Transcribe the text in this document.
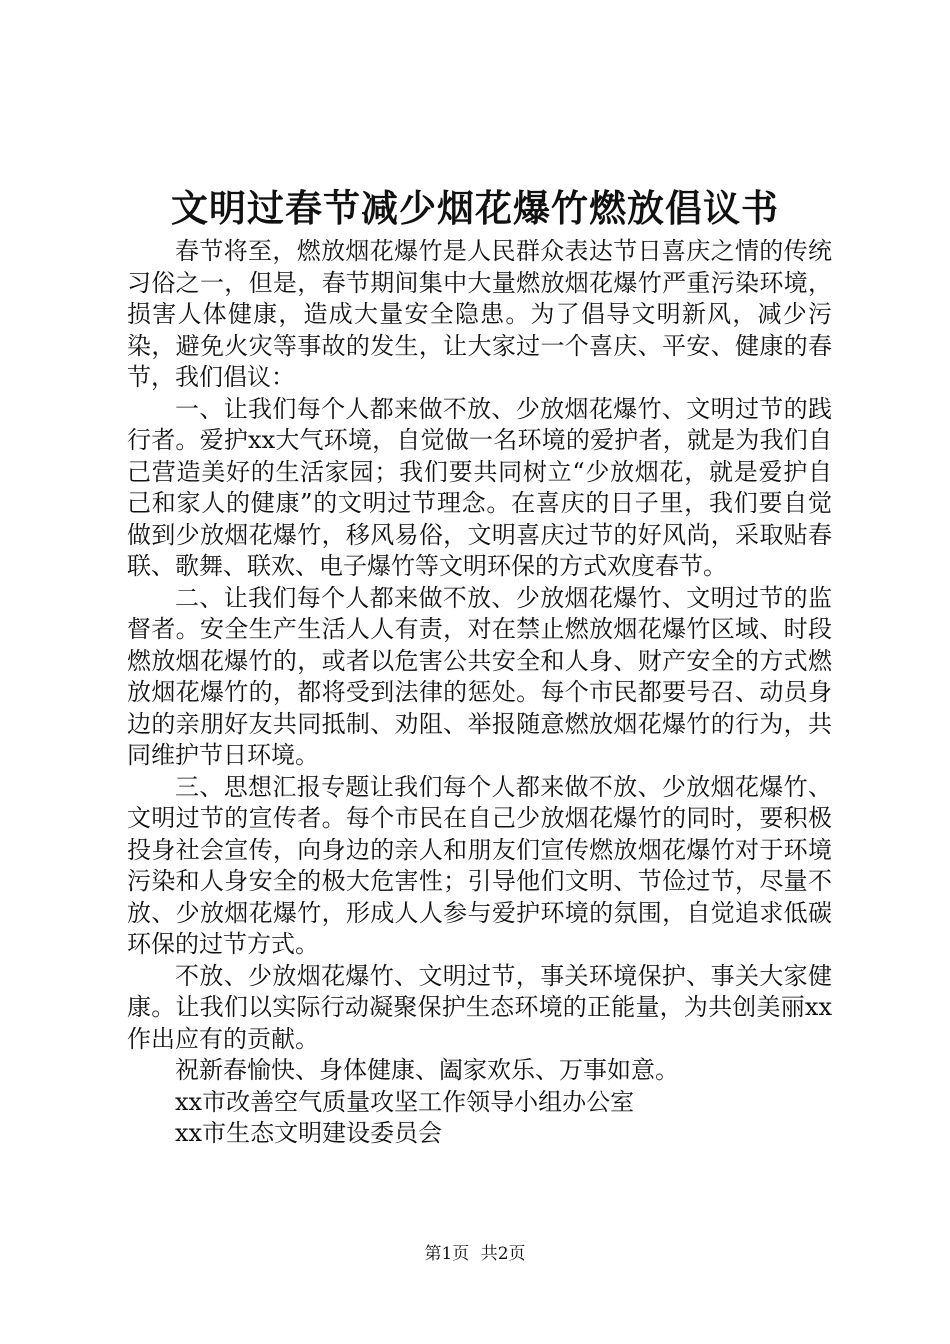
文明过春节减少烟花爆竹燃放倡议书

春节将至，燃放烟花爆竹是人民群众表达节日喜庆之情的传统习俗之一，但是，春节期间集中大量燃放烟花爆竹严重污染环境，损害人体健康，造成大量安全隐患。为了倡导文明新风，减少污染，避免火灾等事故的发生，让大家过一个喜庆、平安、健康的春节，我们倡议：

一、让我们每个人都来做不放、少放烟花爆竹、文明过节的践行者。爱护xx大气环境，自觉做一名环境的爱护者，就是为我们自己营造美好的生活家园；我们要共同树立“少放烟花，就是爱护自己和家人的健康”的文明过节理念。在喜庆的日子里，我们要自觉做到少放烟花爆竹，移风易俗，文明喜庆过节的好风尚，采取贴春联、歌舞、联欢、电子爆竹等文明环保的方式欢度春节。

二、让我们每个人都来做不放、少放烟花爆竹、文明过节的监督者。安全生产生活人人有责，对在禁止燃放烟花爆竹区域、时段燃放烟花爆竹的，或者以危害公共安全和人身、财产安全的方式燃放烟花爆竹的，都将受到法律的惩处。每个市民都要号召、动员身边的亲朋好友共同抵制、劝阻、举报随意燃放烟花爆竹的行为，共同维护节日环境。

三、思想汇报专题让我们每个人都来做不放、少放烟花爆竹、文明过节的宣传者。每个市民在自己少放烟花爆竹的同时，要积极投身社会宣传，向身边的亲人和朋友们宣传燃放烟花爆竹对于环境污染和人身安全的极大危害性；引导他们文明、节俭过节，尽量不放、少放烟花爆竹，形成人人参与爱护环境的氛围，自觉追求低碳环保的过节方式。

不放、少放烟花爆竹、文明过节，事关环境保护、事关大家健康。让我们以实际行动凝聚保护生态环境的正能量，为共创美丽xx作出应有的贡献。

祝新春愉快、身体健康、阖家欢乐、万事如意。

xx市改善空气质量攻坚工作领导小组办公室

xx市生态文明建设委员会

第1页 共2页
